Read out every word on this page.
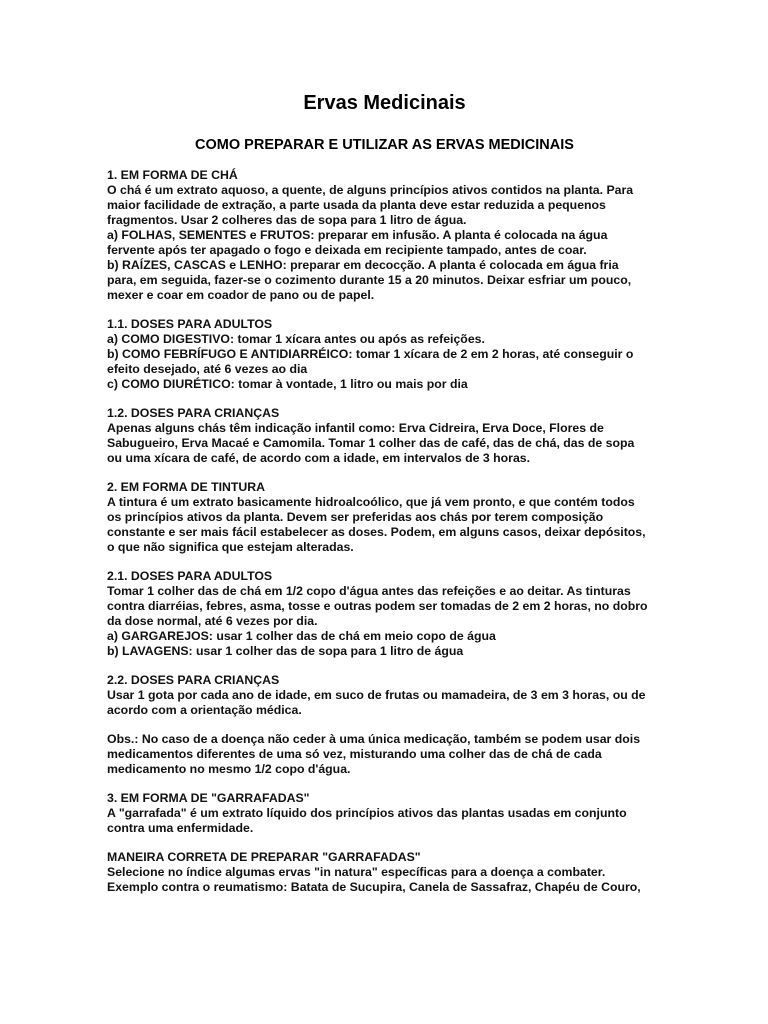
Ervas Medicinais
COMO PREPARAR E UTILIZAR AS ERVAS MEDICINAIS

1. EM FORMA DE CHÁ

O chá é um extrato aquoso, a quente, de alguns princípios ativos contidos na planta. Para

maior facilidade de extração, a parte usada da planta deve estar reduzida a pequenos

fragmentos. Usar 2 colheres das de sopa para 1 litro de água.

a) FOLHAS, SEMENTES e FRUTOS: preparar em infusão. A planta é colocada na água

fervente após ter apagado o fogo e deixada em recipiente tampado, antes de coar.

b) RAÍZES, CASCAS e LENHO: preparar em decocção. A planta é colocada em água fria

para, em seguida, fazer-se o cozimento durante 15 a 20 minutos. Deixar esfriar um pouco,

mexer e coar em coador de pano ou de papel.

1.1. DOSES PARA ADULTOS

a) COMO DIGESTIVO: tomar 1 xícara antes ou após as refeições.

b) COMO FEBRÍFUGO E ANTIDIARRÉICO: tomar 1 xícara de 2 em 2 horas, até conseguir o

efeito desejado, até 6 vezes ao dia

c) COMO DIURÉTICO: tomar à vontade, 1 litro ou mais por dia

1.2. DOSES PARA CRIANÇAS

Apenas alguns chás têm indicação infantil como: Erva Cidreira, Erva Doce, Flores de

Sabugueiro, Erva Macaé e Camomila. Tomar 1 colher das de café, das de chá, das de sopa

ou uma xícara de café, de acordo com a idade, em intervalos de 3 horas.

2. EM FORMA DE TINTURA

A tintura é um extrato basicamente hidroalcoólico, que já vem pronto, e que contém todos

os princípios ativos da planta. Devem ser preferidas aos chás por terem composição

constante e ser mais fácil estabelecer as doses. Podem, em alguns casos, deixar depósitos,

o que não significa que estejam alteradas.

2.1. DOSES PARA ADULTOS

Tomar 1 colher das de chá em 1/2 copo d'água antes das refeições e ao deitar. As tinturas

contra diarréias, febres, asma, tosse e outras podem ser tomadas de 2 em 2 horas, no dobro

da dose normal, até 6 vezes por dia.

a) GARGAREJOS: usar 1 colher das de chá em meio copo de água

b) LAVAGENS: usar 1 colher das de sopa para 1 litro de água

2.2. DOSES PARA CRIANÇAS

Usar 1 gota por cada ano de idade, em suco de frutas ou mamadeira, de 3 em 3 horas, ou de

acordo com a orientação médica.

Obs.: No caso de a doença não ceder à uma única medicação, também se podem usar dois

medicamentos diferentes de uma só vez, misturando uma colher das de chá de cada

medicamento no mesmo 1/2 copo d'água.

3. EM FORMA DE "GARRAFADAS"

A "garrafada" é um extrato líquido dos princípios ativos das plantas usadas em conjunto

contra uma enfermidade.

MANEIRA CORRETA DE PREPARAR "GARRAFADAS"

Selecione no índice algumas ervas "in natura" específicas para a doença a combater.

Exemplo contra o reumatismo: Batata de Sucupira, Canela de Sassafraz, Chapéu de Couro,
